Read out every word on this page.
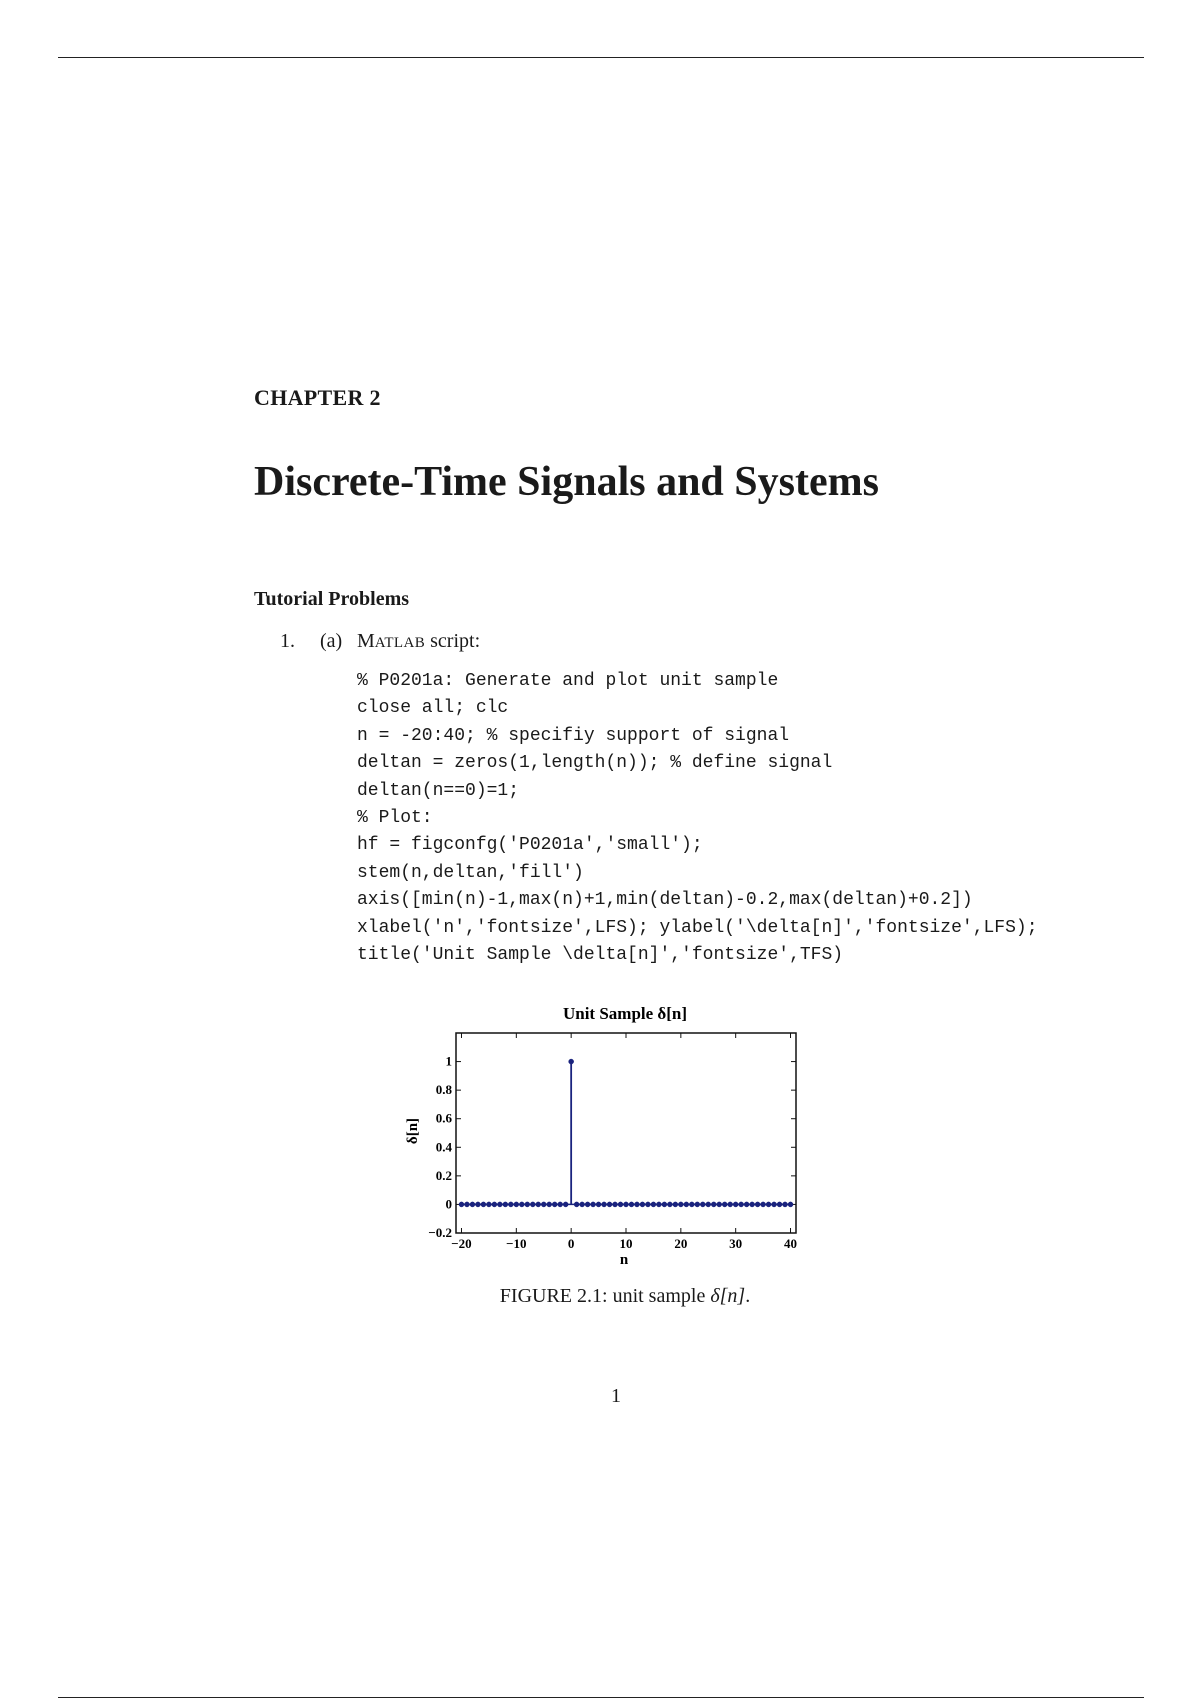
CHAPTER 2
Discrete-Time Signals and Systems
Tutorial Problems
1. (a) MATLAB script:
% P0201a: Generate and plot unit sample
close all; clc
n = -20:40; % specifiy support of signal
deltan = zeros(1,length(n)); % define signal
deltan(n==0)=1;
% Plot:
hf = figconfg('P0201a','small');
stem(n,deltan,'fill')
axis([min(n)-1,max(n)+1,min(deltan)-0.2,max(deltan)+0.2])
xlabel('n','fontsize',LFS); ylabel('\delta[n]','fontsize',LFS);
title('Unit Sample \delta[n]','fontsize',TFS)
Unit Sample δ[n]
n
δ[n]
−20	−10	0	10	20	30	40
−0.2
0
0.2
0.4
0.6
0.8
1
FIGURE 2.1: unit sample δ[n].
1
